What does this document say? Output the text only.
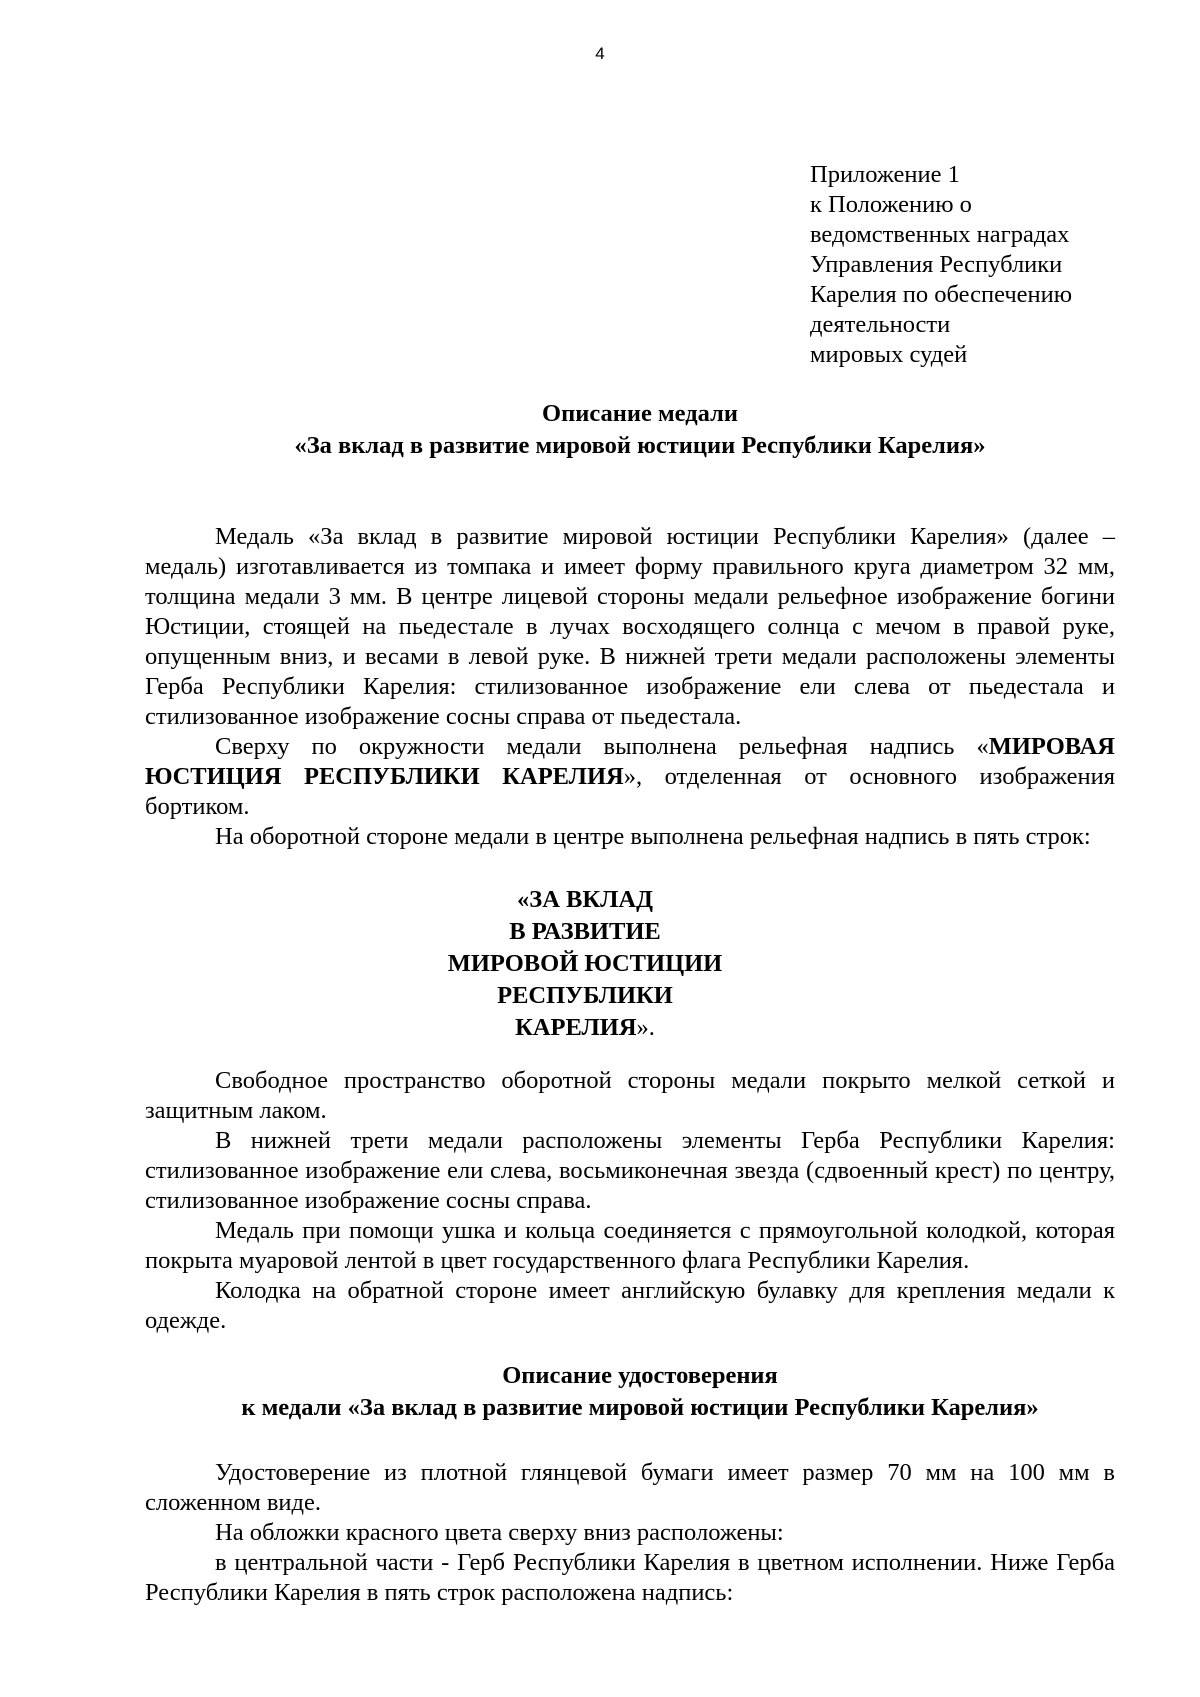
4
Приложение 1
к Положению о
ведомственных наградах
Управления Республики
Карелия по обеспечению
деятельности
мировых судей
Описание медали
«За вклад в развитие мировой юстиции Республики Карелия»

Медаль «За вклад в развитие мировой юстиции Республики Карелия» (далее – медаль) изготавливается из томпака и имеет форму правильного круга диаметром 32 мм, толщина медали 3 мм. В центре лицевой стороны медали рельефное изображение богини Юстиции, стоящей на пьедестале в лучах восходящего солнца с мечом в правой руке, опущенным вниз, и весами в левой руке. В нижней трети медали расположены элементы Герба Республики Карелия: стилизованное изображение ели слева от пьедестала и стилизованное изображение сосны справа от пьедестала.

Сверху по окружности медали выполнена рельефная надпись «МИРОВАЯ ЮСТИЦИЯ РЕСПУБЛИКИ КАРЕЛИЯ», отделенная от основного изображения бортиком.

На оборотной стороне медали в центре выполнена рельефная надпись в пять строк:

«ЗА ВКЛАД
В РАЗВИТИЕ
МИРОВОЙ ЮСТИЦИИ
РЕСПУБЛИКИ
КАРЕЛИЯ».

Свободное пространство оборотной стороны медали покрыто мелкой сеткой и защитным лаком.

В нижней трети медали расположены элементы Герба Республики Карелия: стилизованное изображение ели слева, восьмиконечная звезда (сдвоенный крест) по центру, стилизованное изображение сосны справа.

Медаль при помощи ушка и кольца соединяется с прямоугольной колодкой, которая покрыта муаровой лентой в цвет государственного флага Республики Карелия.

Колодка на обратной стороне имеет английскую булавку для крепления медали к одежде.

Описание удостоверения
к медали «За вклад в развитие мировой юстиции Республики Карелия»

Удостоверение из плотной глянцевой бумаги имеет размер 70 мм на 100 мм в сложенном виде.

На обложки красного цвета сверху вниз расположены:

в центральной части - Герб Республики Карелия в цветном исполнении. Ниже Герба Республики Карелия в пять строк расположена надпись:
